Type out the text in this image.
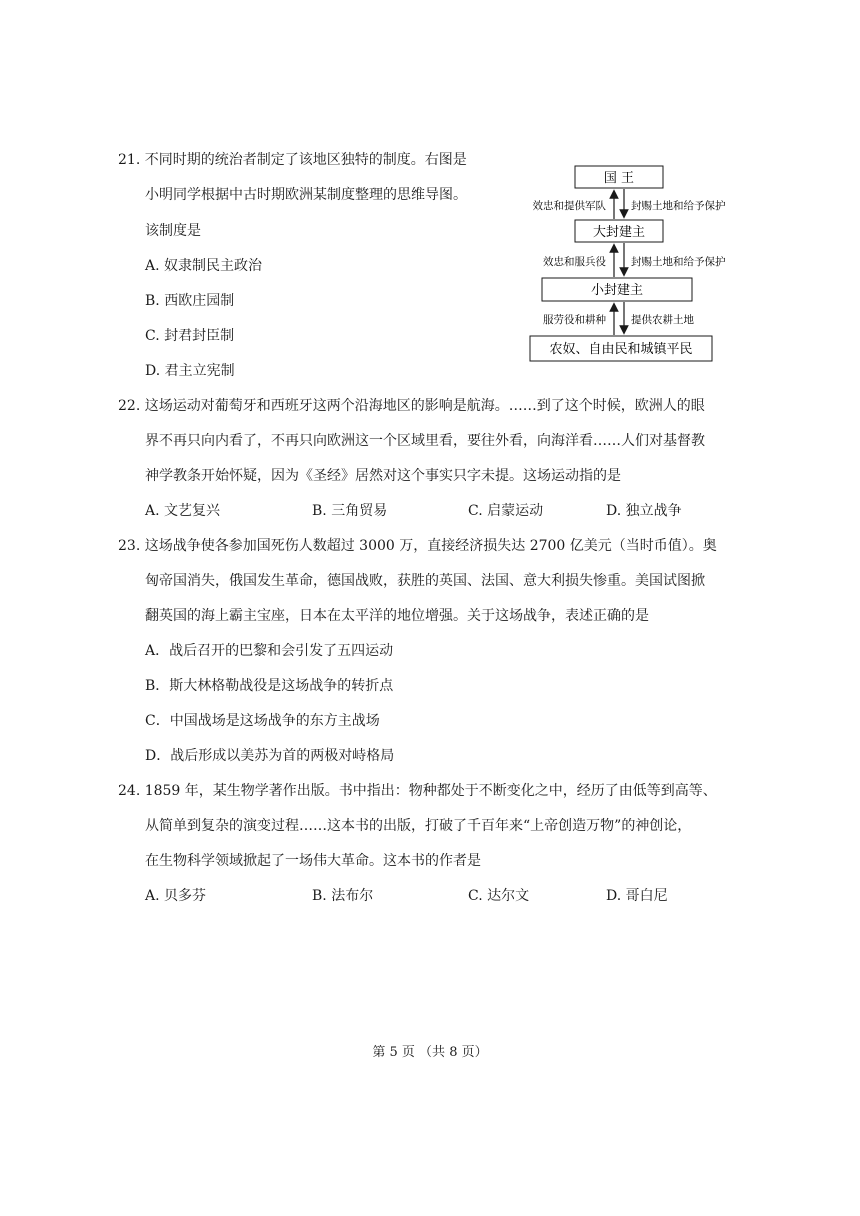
21. 不同时期的统治者制定了该地区独特的制度。右图是
小明同学根据中古时期欧洲某制度整理的思维导图。
该制度是
A. 奴隶制民主政治
B. 西欧庄园制
C. 封君封臣制
D. 君主立宪制
国 王
大封建主
小封建主
农奴、自由民和城镇平民
效忠和提供军队 封赐土地和给予保护
效忠和服兵役 封赐土地和给予保护
服劳役和耕种 提供农耕土地
22. 这场运动对葡萄牙和西班牙这两个沿海地区的影响是航海。……到了这个时候，欧洲人的眼
界不再只向内看了，不再只向欧洲这一个区域里看，要往外看，向海洋看……人们对基督教
神学教条开始怀疑，因为《圣经》居然对这个事实只字未提。这场运动指的是
A. 文艺复兴	B. 三角贸易	C. 启蒙运动	D. 独立战争
23. 这场战争使各参加国死伤人数超过 3000 万，直接经济损失达 2700 亿美元（当时币值）。奥
匈帝国消失，俄国发生革命，德国战败，获胜的英国、法国、意大利损失惨重。美国试图掀
翻英国的海上霸主宝座，日本在太平洋的地位增强。关于这场战争，表述正确的是
A．战后召开的巴黎和会引发了五四运动
B．斯大林格勒战役是这场战争的转折点
C．中国战场是这场战争的东方主战场
D．战后形成以美苏为首的两极对峙格局
24. 1859 年，某生物学著作出版。书中指出：物种都处于不断变化之中，经历了由低等到高等、
从简单到复杂的演变过程……这本书的出版，打破了千百年来“上帝创造万物”的神创论，
在生物科学领域掀起了一场伟大革命。这本书的作者是
A. 贝多芬	B. 法布尔	C. 达尔文	D. 哥白尼
第 5 页 （共 8 页）
